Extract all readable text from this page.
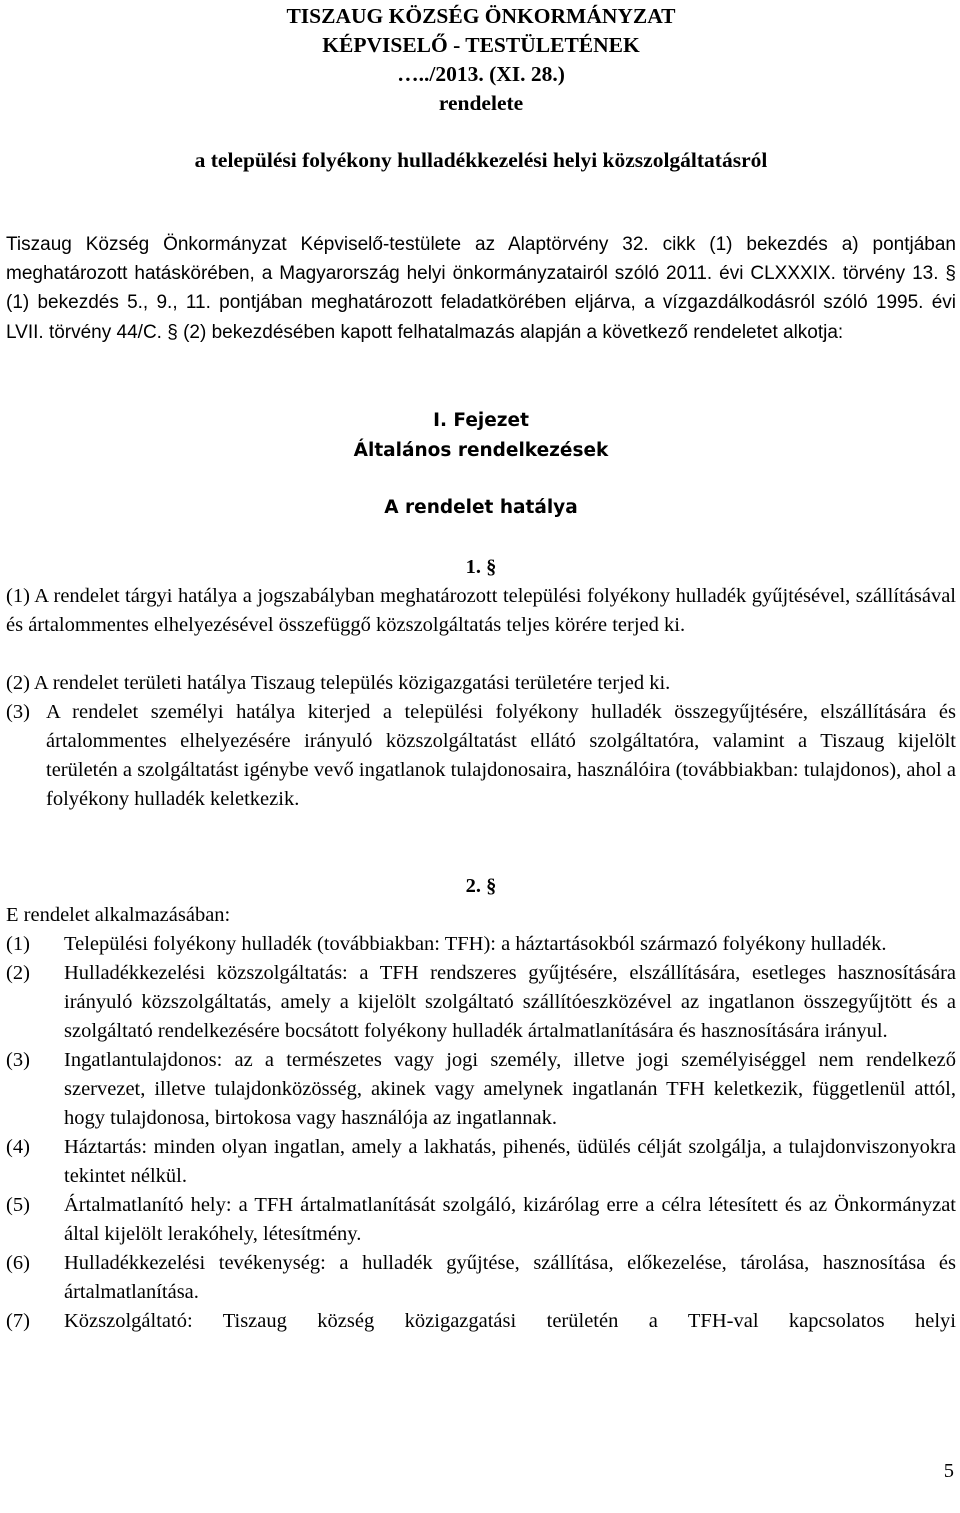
TISZAUG KÖZSÉG ÖNKORMÁNYZAT
KÉPVISELŐ - TESTÜLETÉNEK
…../2013. (XI. 28.)
rendelete
a települési folyékony hulladékkezelési helyi közszolgáltatásról
Tiszaug Község Önkormányzat Képviselő-testülete az Alaptörvény 32. cikk (1) bekezdés a) pontjában meghatározott hatáskörében, a Magyarország helyi önkormányzatairól szóló 2011. évi CLXXXIX. törvény 13. § (1) bekezdés 5., 9., 11. pontjában meghatározott feladatkörében eljárva, a vízgazdálkodásról szóló 1995. évi LVII. törvény 44/C. § (2) bekezdésében kapott felhatalmazás alapján a következő rendeletet alkotja:
I. Fejezet
Általános rendelkezések
A rendelet hatálya
1. §
(1) A rendelet tárgyi hatálya a jogszabályban meghatározott települési folyékony hulladék gyűjtésével, szállításával és ártalommentes elhelyezésével összefüggő közszolgáltatás teljes körére terjed ki.
(2) A rendelet területi hatálya Tiszaug település közigazgatási területére terjed ki.
(3) A rendelet személyi hatálya kiterjed a települési folyékony hulladék összegyűjtésére, elszállítására és ártalommentes elhelyezésére irányuló közszolgáltatást ellátó szolgáltatóra, valamint a Tiszaug kijelölt területén a szolgáltatást igénybe vevő ingatlanok tulajdonosaira, használóira (továbbiakban: tulajdonos), ahol a folyékony hulladék keletkezik.
2. §
E rendelet alkalmazásában:
(1)	Települési folyékony hulladék (továbbiakban: TFH): a háztartásokból származó folyékony hulladék.
(2)	Hulladékkezelési közszolgáltatás: a TFH rendszeres gyűjtésére, elszállítására, esetleges hasznosítására irányuló közszolgáltatás, amely a kijelölt szolgáltató szállítóeszközével az ingatlanon összegyűjtött és a szolgáltató rendelkezésére bocsátott folyékony hulladék ártalmatlanítására és hasznosítására irányul.
(3)	Ingatlantulajdonos: az a természetes vagy jogi személy, illetve jogi személyiséggel nem rendelkező szervezet, illetve tulajdonközösség, akinek vagy amelynek ingatlanán TFH keletkezik, függetlenül attól, hogy tulajdonosa, birtokosa vagy használója az ingatlannak.
(4)	Háztartás: minden olyan ingatlan, amely a lakhatás, pihenés, üdülés célját szolgálja, a tulajdonviszonyokra tekintet nélkül.
(5)	Ártalmatlanító hely: a TFH ártalmatlanítását szolgáló, kizárólag erre a célra létesített és az Önkormányzat által kijelölt lerakóhely, létesítmény.
(6)	Hulladékkezelési tevékenység: a hulladék gyűjtése, szállítása, előkezelése, tárolása, hasznosítása és ártalmatlanítása.
(7)	Közszolgáltató: Tiszaug község közigazgatási területén a TFH-val kapcsolatos helyi
5
